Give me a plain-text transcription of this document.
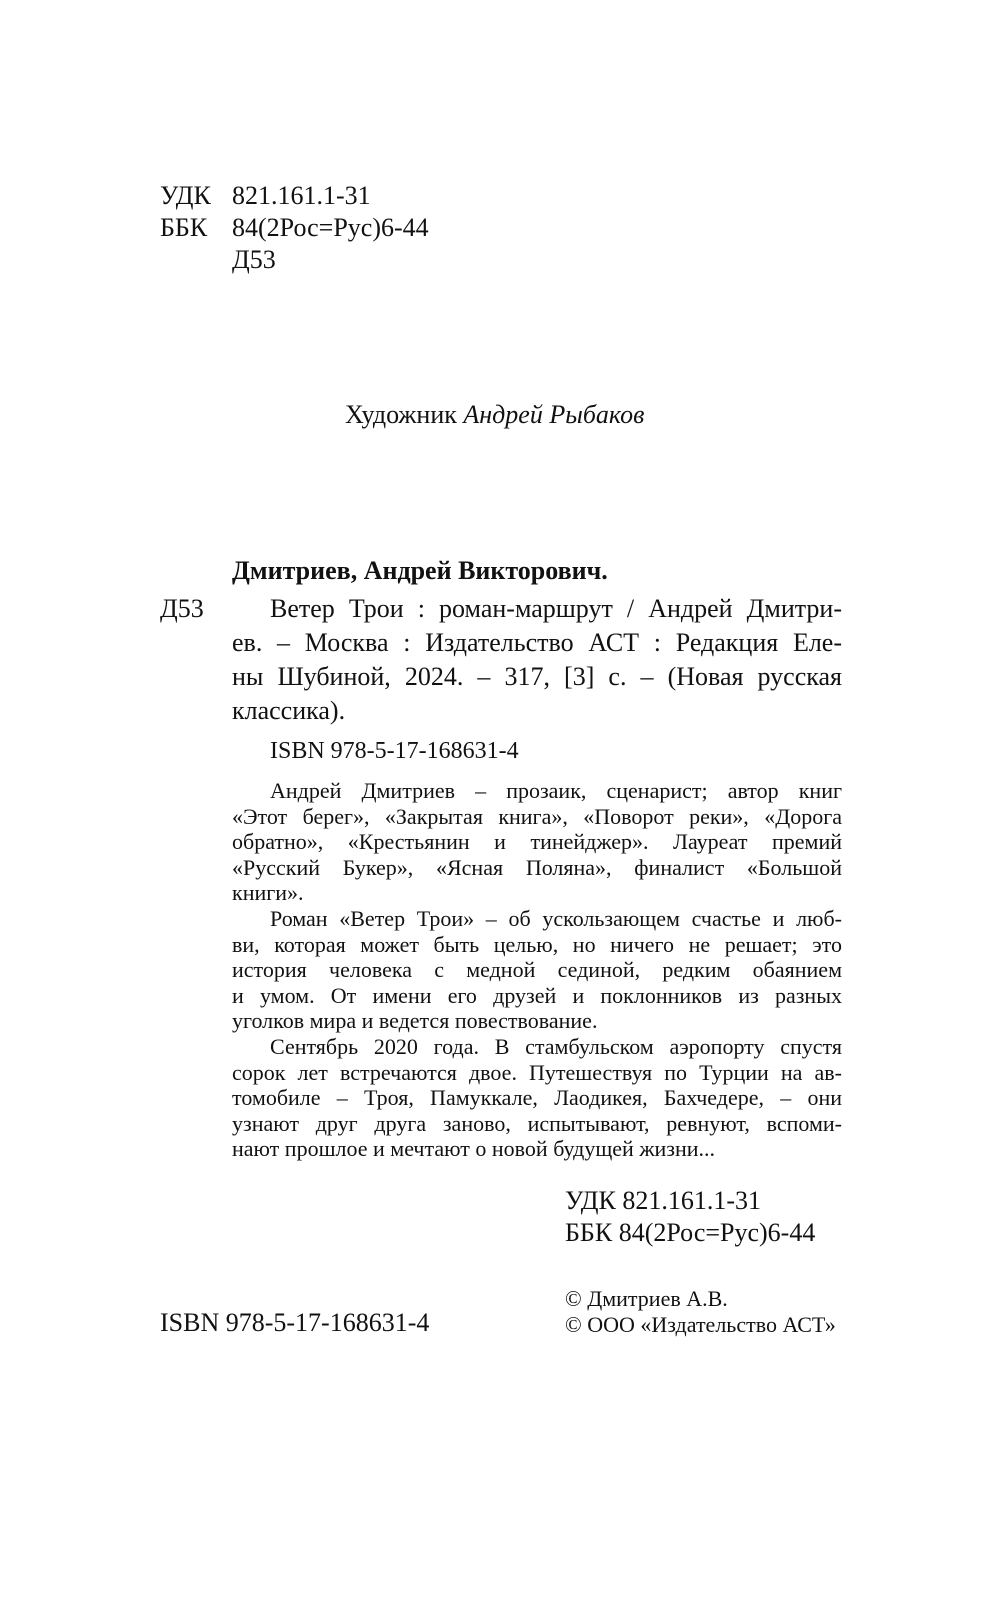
УДК 821.161.1-31
ББК 84(2Рос=Рус)6-44
Д53
Художник Андрей Рыбаков
Дмитриев, Андрей Викторович.
Д53	Ветер Трои : роман-маршрут / Андрей Дмитри-
ев. – Москва : Издательство АСТ : Редакция Еле-
ны Шубиной, 2024. – 317, [3] с. – (Новая русская
классика).
ISBN 978-5-17-168631-4
Андрей Дмитриев – прозаик, сценарист; автор книг
«Этот берег», «Закрытая книга», «Поворот реки», «Дорога
обратно», «Крестьянин и тинейджер». Лауреат премий
«Русский Букер», «Ясная Поляна», финалист «Большой
книги».
Роман «Ветер Трои» – об ускользающем счастье и люб-
ви, которая может быть целью, но ничего не решает; это
история человека с медной сединой, редким обаянием
и умом. От имени его друзей и поклонников из разных
уголков мира и ведется повествование.
Сентябрь 2020 года. В стамбульском аэропорту спустя
сорок лет встречаются двое. Путешествуя по Турции на ав-
томобиле – Троя, Памуккале, Лаодикея, Бахчедере, – они
узнают друг друга заново, испытывают, ревнуют, вспоми-
нают прошлое и мечтают о новой будущей жизни...
УДК 821.161.1-31
ББК 84(2Рос=Рус)6-44
ISBN 978-5-17-168631-4
© Дмитриев А.В.
© ООО «Издательство АСТ»
